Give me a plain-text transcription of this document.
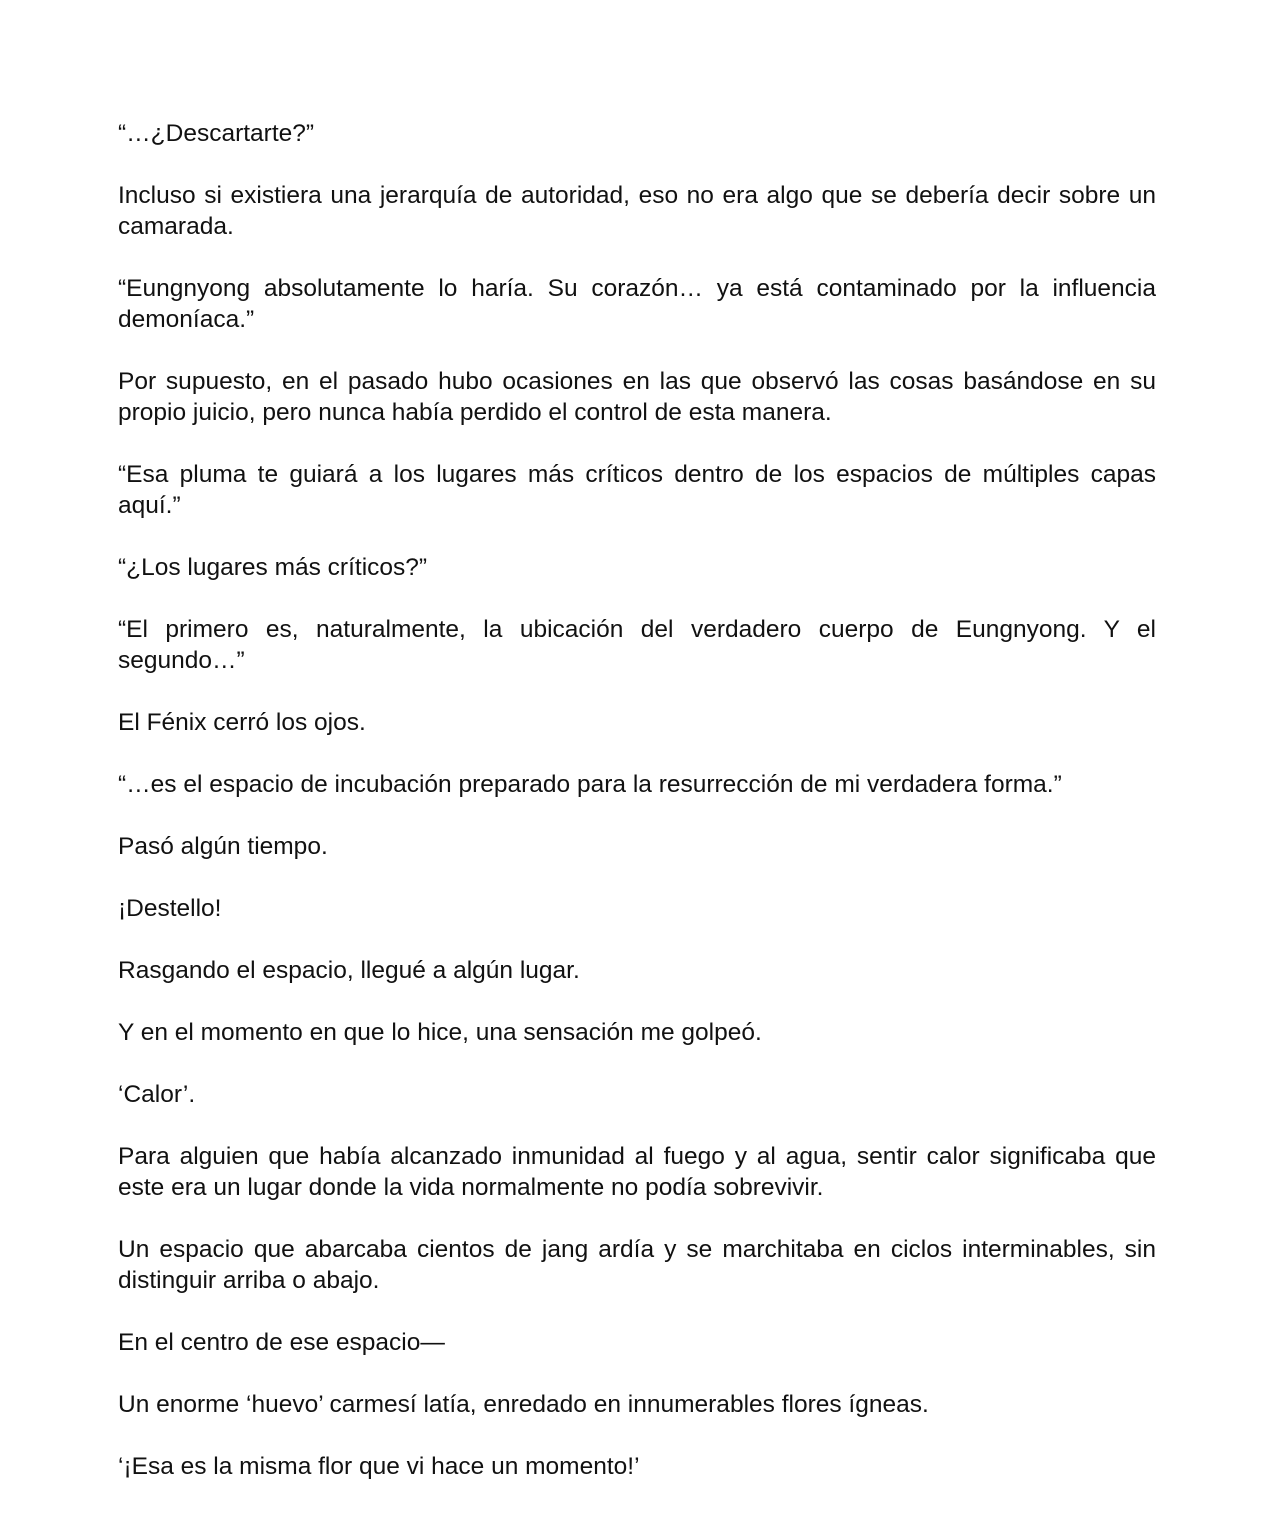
“…¿Descartarte?”

Incluso si existiera una jerarquía de autoridad, eso no era algo que se debería decir sobre un camarada.

“Eungnyong absolutamente lo haría. Su corazón… ya está contaminado por la influencia demoníaca.”

Por supuesto, en el pasado hubo ocasiones en las que observó las cosas basándose en su propio juicio, pero nunca había perdido el control de esta manera.

“Esa pluma te guiará a los lugares más críticos dentro de los espacios de múltiples capas aquí.”

“¿Los lugares más críticos?”

“El primero es, naturalmente, la ubicación del verdadero cuerpo de Eungnyong. Y el segundo…”

El Fénix cerró los ojos.

“…es el espacio de incubación preparado para la resurrección de mi verdadera forma.”

Pasó algún tiempo.

¡Destello!

Rasgando el espacio, llegué a algún lugar.

Y en el momento en que lo hice, una sensación me golpeó.

‘Calor’.

Para alguien que había alcanzado inmunidad al fuego y al agua, sentir calor significaba que este era un lugar donde la vida normalmente no podía sobrevivir.

Un espacio que abarcaba cientos de jang ardía y se marchitaba en ciclos interminables, sin distinguir arriba o abajo.

En el centro de ese espacio—

Un enorme ‘huevo’ carmesí latía, enredado en innumerables flores ígneas.

‘¡Esa es la misma flor que vi hace un momento!’
